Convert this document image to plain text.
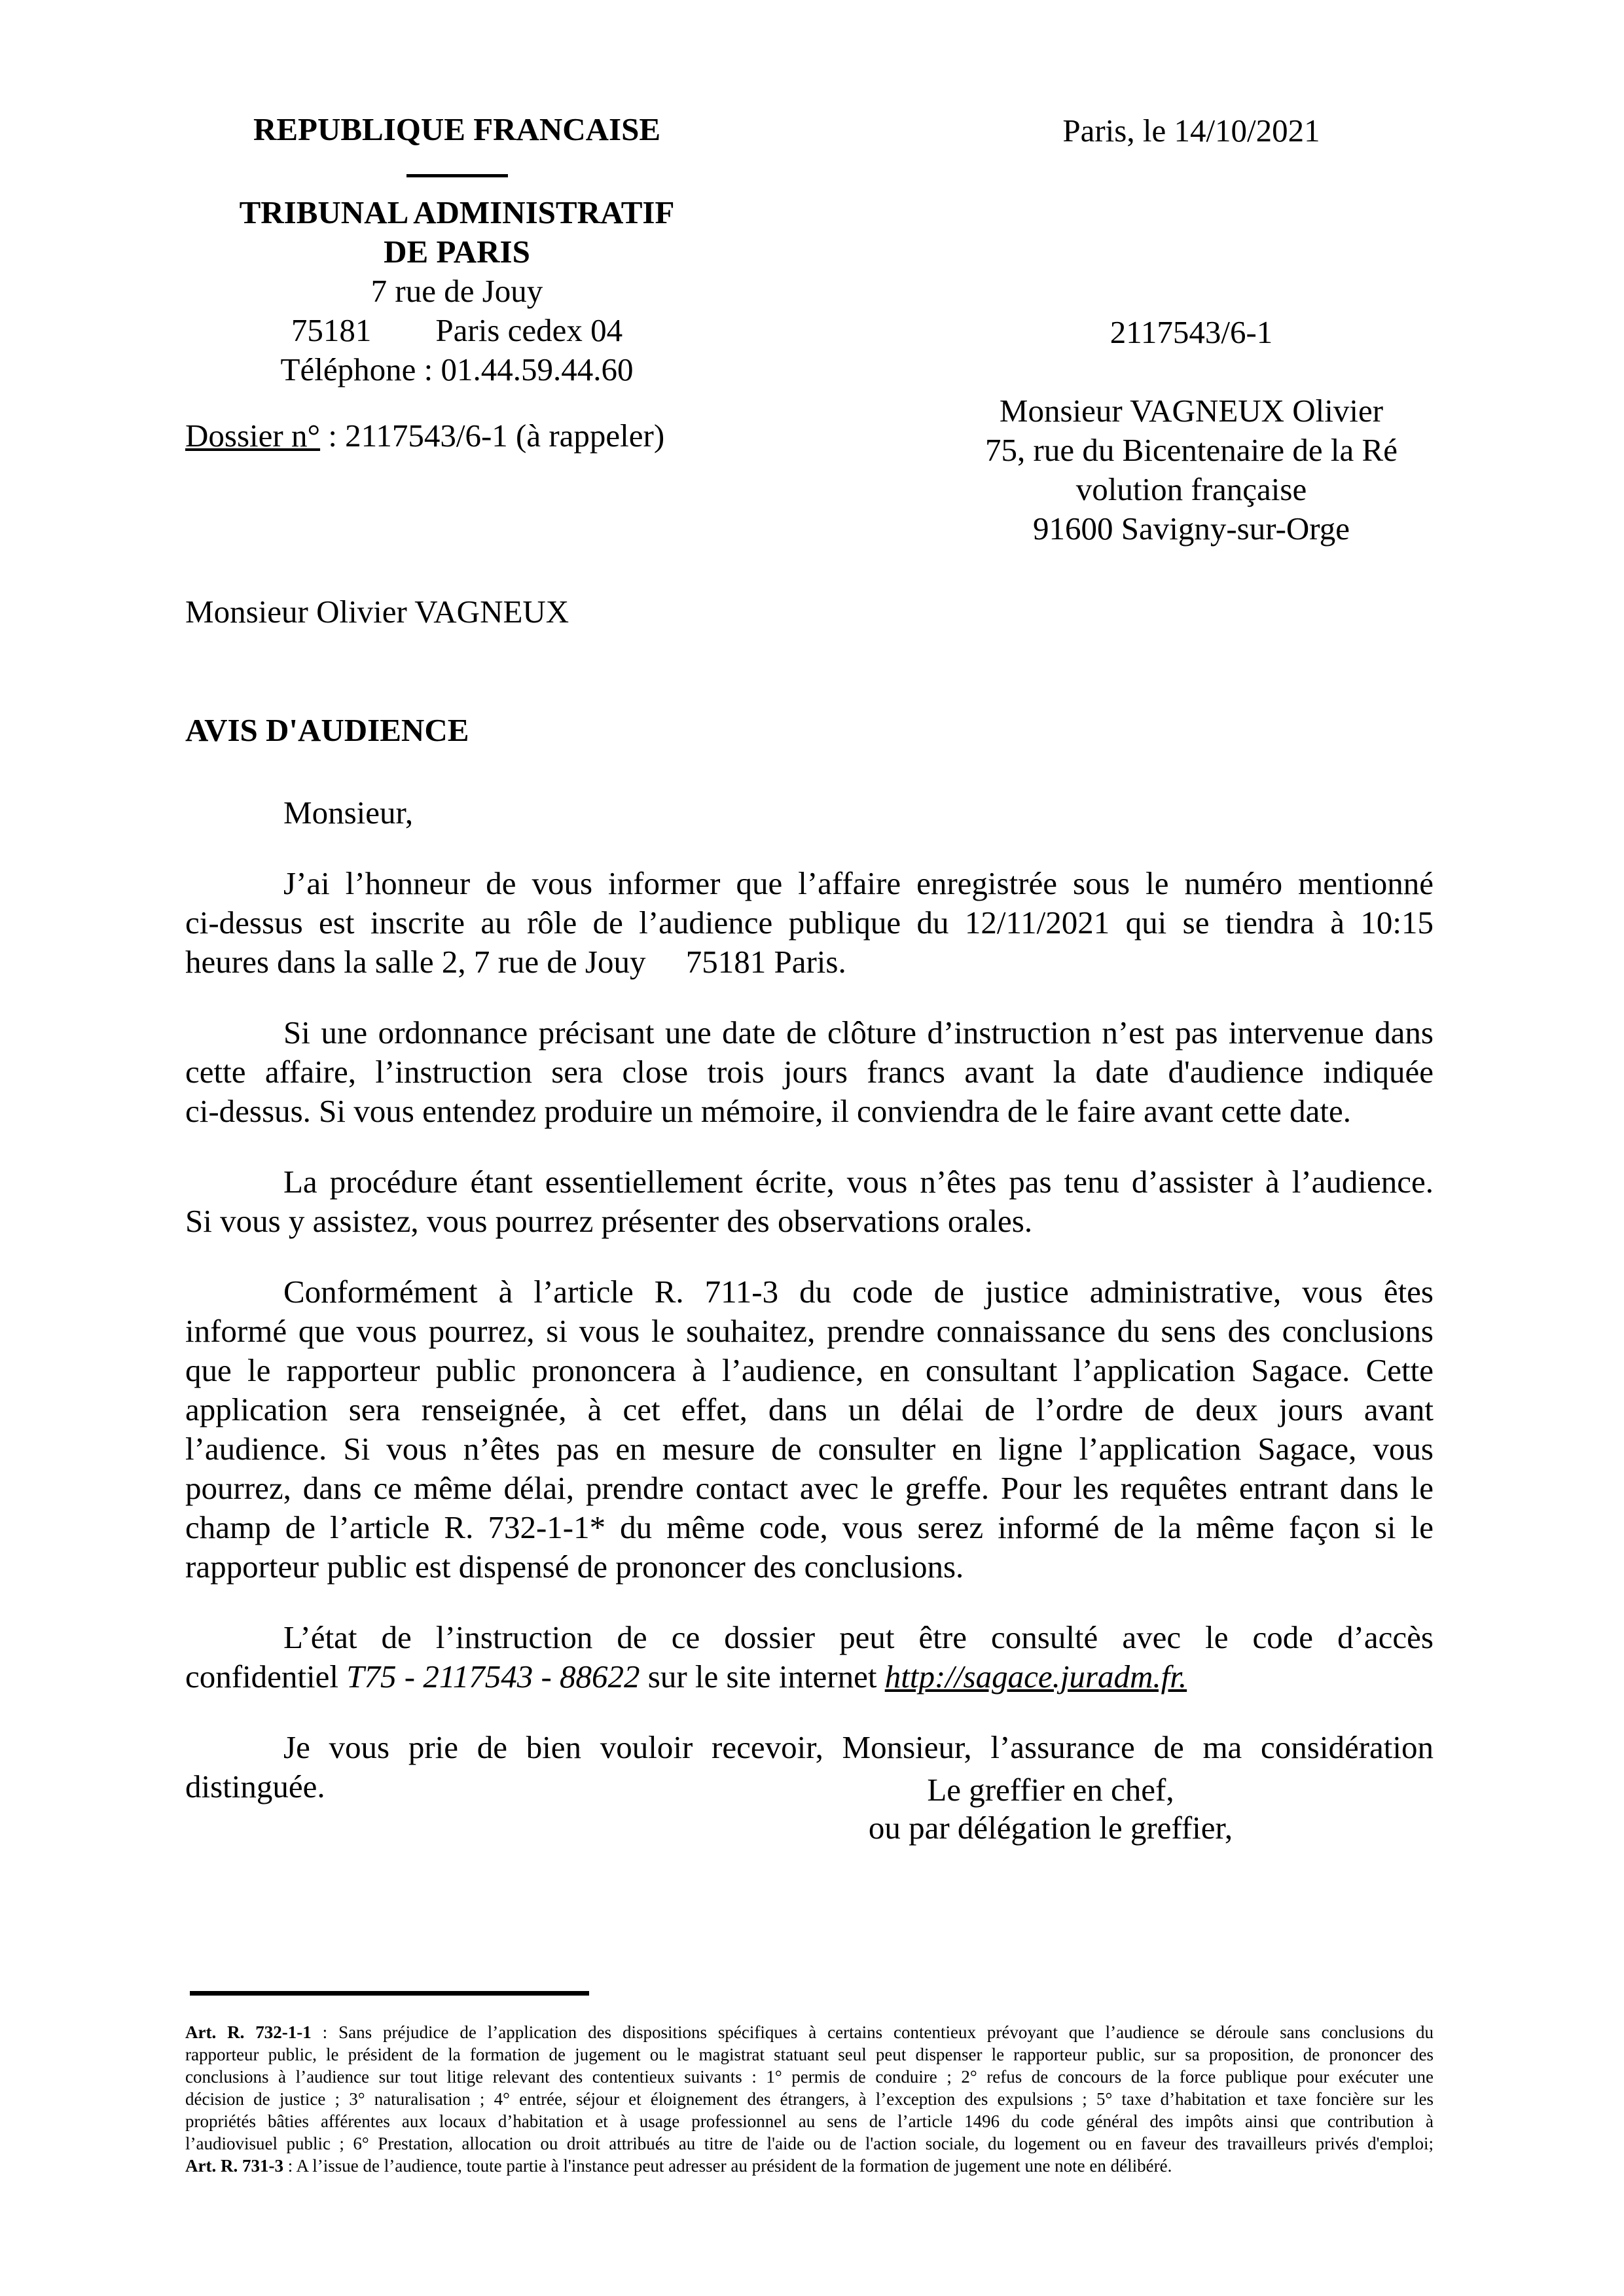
REPUBLIQUE FRANCAISE
TRIBUNAL ADMINISTRATIF
DE PARIS
7 rue de Jouy
75181        Paris cedex 04
Téléphone : 01.44.59.44.60
Dossier n° : 2117543/6-1 (à rappeler)
Paris, le 14/10/2021
2117543/6-1
Monsieur VAGNEUX Olivier
75, rue du Bicentenaire de la Ré
volution française
91600 Savigny-sur-Orge
Monsieur Olivier VAGNEUX
AVIS D'AUDIENCE
Monsieur,
J’ai l’honneur de vous informer que l’affaire enregistrée sous le numéro mentionné
ci-dessus est inscrite au rôle de l’audience publique du 12/11/2021 qui se tiendra à 10:15
heures dans la salle 2, 7 rue de Jouy     75181 Paris.
Si une ordonnance précisant une date de clôture d’instruction n’est pas intervenue dans
cette affaire, l’instruction sera close trois jours francs avant la date d'audience indiquée
ci-dessus. Si vous entendez produire un mémoire, il conviendra de le faire avant cette date.
La procédure étant essentiellement écrite, vous n’êtes pas tenu d’assister à l’audience.
Si vous y assistez, vous pourrez présenter des observations orales.
Conformément à l’article R. 711-3 du code de justice administrative, vous êtes
informé que vous pourrez, si vous le souhaitez, prendre connaissance du sens des conclusions
que le rapporteur public prononcera à l’audience, en consultant l’application Sagace. Cette
application sera renseignée, à cet effet, dans un délai de l’ordre de deux jours avant
l’audience. Si vous n’êtes pas en mesure de consulter en ligne l’application Sagace, vous
pourrez, dans ce même délai, prendre contact avec le greffe. Pour les requêtes entrant dans le
champ de l’article R. 732-1-1* du même code, vous serez informé de la même façon si le
rapporteur public est dispensé de prononcer des conclusions.
L’état de l’instruction de ce dossier peut être consulté avec le code d’accès
confidentiel T75 - 2117543 - 88622 sur le site internet http://sagace.juradm.fr.
Je vous prie de bien vouloir recevoir, Monsieur, l’assurance de ma considération
distinguée.	Le greffier en chef,
ou par délégation le greffier,
Art. R. 732-1-1 : Sans préjudice de l’application des dispositions spécifiques à certains contentieux prévoyant que l’audience se déroule sans conclusions du
rapporteur public, le président de la formation de jugement ou le magistrat statuant seul peut dispenser le rapporteur public, sur sa proposition, de prononcer des
conclusions à l’audience sur tout litige relevant des contentieux suivants : 1° permis de conduire ; 2° refus de concours de la force publique pour exécuter une
décision de justice ; 3° naturalisation ; 4° entrée, séjour et éloignement des étrangers, à l’exception des expulsions ; 5° taxe d’habitation et taxe foncière sur les
propriétés bâties afférentes aux locaux d’habitation et à usage professionnel au sens de l’article 1496 du code général des impôts ainsi que contribution à
l’audiovisuel public ; 6° Prestation, allocation ou droit attribués au titre de l'aide ou de l'action sociale, du logement ou en faveur des travailleurs privés d'emploi;
Art. R. 731-3 : A l’issue de l’audience, toute partie à l'instance peut adresser au président de la formation de jugement une note en délibéré.
